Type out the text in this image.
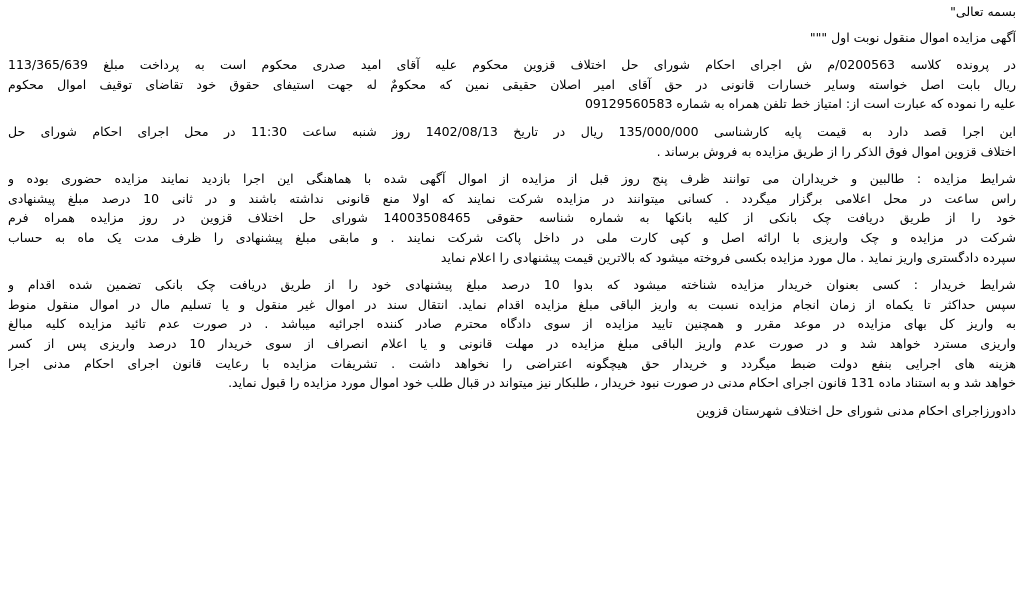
بسمه تعالی"
آگهی مزایده اموال منقول نوبت اول """
در پرونده کلاسه 0200563/م ش اجرای احکام شورای حل اختلاف قزوین محکوم علیه آقای امید صدری محکوم است به پرداخت مبلغ 113/365/639
ریال بابت اصل خواسته وسایر خسارات قانونی در حق آقای امیر اصلان حقیقی نمین که محکومٌ له جهت استیفای حقوق خود تقاضای توقیف اموال محکوم
علیه را نموده که عبارت است از: امتیاز خط تلفن همراه به شماره 09129560583
این اجرا قصد دارد به قیمت پایه کارشناسی 135/000/000 ریال در تاریخ 1402/08/13 روز شنبه ساعت 11:30 در محل اجرای احکام شورای حل
اختلاف قزوین اموال فوق الذکر را از طریق مزایده به فروش برساند .
شرایط مزایده : طالبین و خریداران می توانند ظرف پنج روز قبل از مزایده از اموال آگهی شده با هماهنگی این اجرا بازدید نمایند مزایده حضوری بوده و
راس ساعت در محل اعلامی برگزار میگردد . کسانی میتوانند در مزایده شرکت نمایند که اولا منع قانونی نداشته باشند و در ثانی 10 درصد مبلغ پیشنهادی
خود را از طریق دریافت چک بانکی از کلیه بانکها به شماره شناسه حقوقی 14003508465 شورای حل اختلاف قزوین در روز مزایده همراه فرم
شرکت در مزایده و چک واریزی با ارائه اصل و کپی کارت ملی در داخل پاکت شرکت نمایند . و مابقی مبلغ پیشنهادی را ظرف مدت یک ماه به حساب
سپرده دادگستری واریز نماید . مال مورد مزایده بکسی فروخته میشود که بالاترین قیمت پیشنهادی را اعلام نماید
شرایط خریدار : کسی بعنوان خریدار مزایده شناخته میشود که بدوا 10 درصد مبلغ پیشنهادی خود را از طریق دریافت چک بانکی تضمین شده اقدام و
سپس حداکثر تا یکماه از زمان انجام مزایده نسبت به واریز الباقی مبلغ مزایده اقدام نماید. انتقال سند در اموال غیر منقول و یا تسلیم مال در اموال منقول منوط
به واریز کل بهای مزایده در موعد مقرر و همچنین تایید مزایده از سوی دادگاه محترم صادر کننده اجرائیه میباشد . در صورت عدم تائید مزایده کلیه مبالغ
واریزی مسترد خواهد شد و در صورت عدم واریز الباقی مبلغ مزایده در مهلت قانونی و یا اعلام انصراف از سوی خریدار 10 درصد واریزی پس از کسر
هزینه های اجرایی بنفع دولت ضبط میگردد و خریدار حق هیچگونه اعتراضی را نخواهد داشت . تشریفات مزایده با رعایت قانون اجرای احکام مدنی اجرا
خواهد شد و به استناد ماده 131 قانون اجرای احکام مدنی در صورت نبود خریدار ، طلبکار نیز میتواند در قبال طلب خود اموال مورد مزایده را قبول نماید.
دادورزاجرای احکام مدنی شورای حل اختلاف شهرستان قزوین
